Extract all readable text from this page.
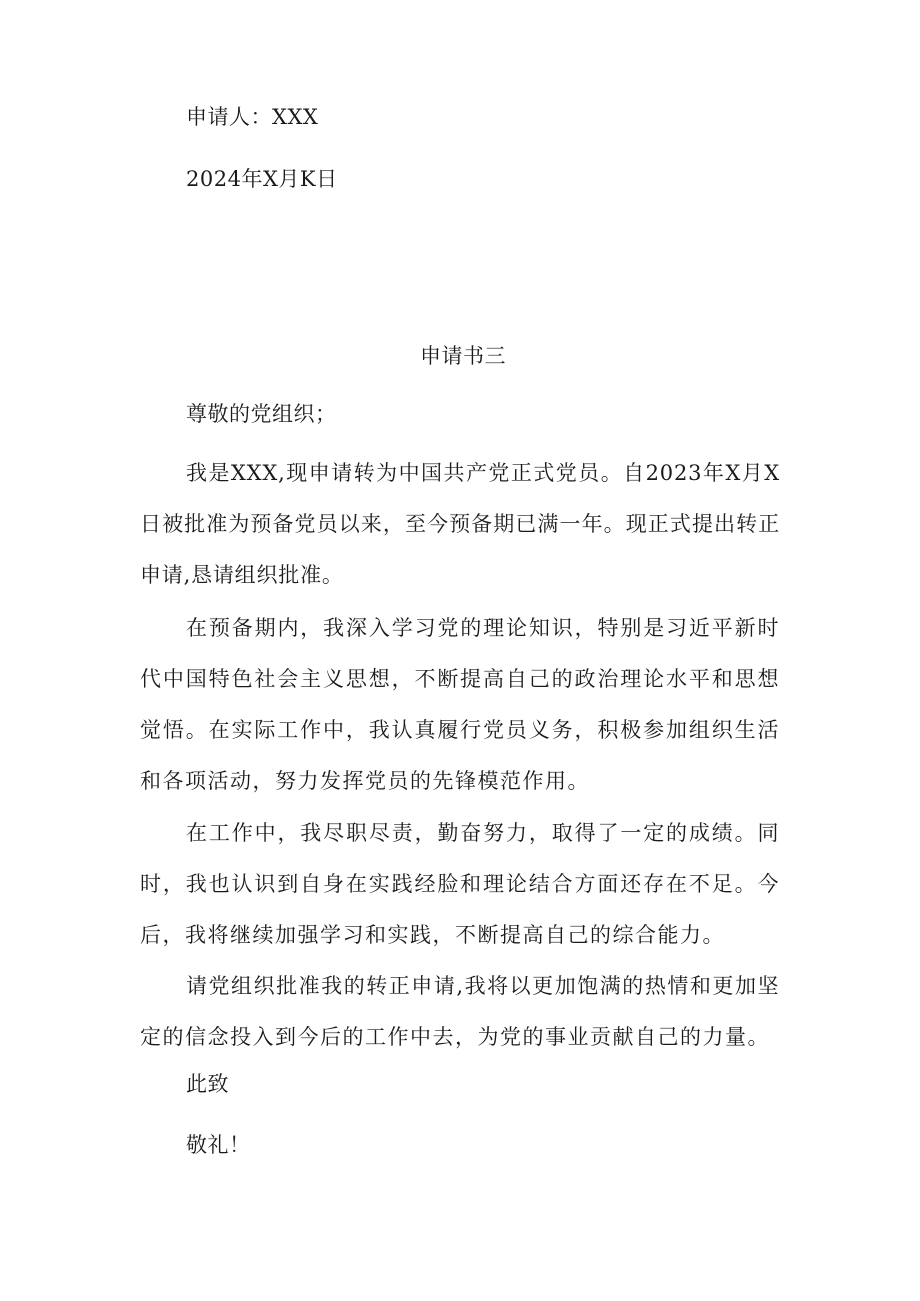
申请人：XXX
2024年X月K日
申请书三
尊敬的党组织；
我是XXX,现申请转为中国共产党正式党员。自2023年X月X日被批准为预备党员以来，至今预备期已满一年。现正式提出转正申请,恳请组织批准。
在预备期内，我深入学习党的理论知识，特别是习近平新时代中国特色社会主义思想，不断提高自己的政治理论水平和思想觉悟。在实际工作中，我认真履行党员义务，积极参加组织生活和各项活动，努力发挥党员的先锋模范作用。
在工作中，我尽职尽责，勤奋努力，取得了一定的成绩。同时，我也认识到自身在实践经脸和理论结合方面还存在不足。今后，我将继续加强学习和实践，不断提高自己的综合能力。
请党组织批准我的转正申请,我将以更加饱满的热情和更加坚定的信念投入到今后的工作中去，为党的事业贡献自己的力量。
此致
敬礼！
